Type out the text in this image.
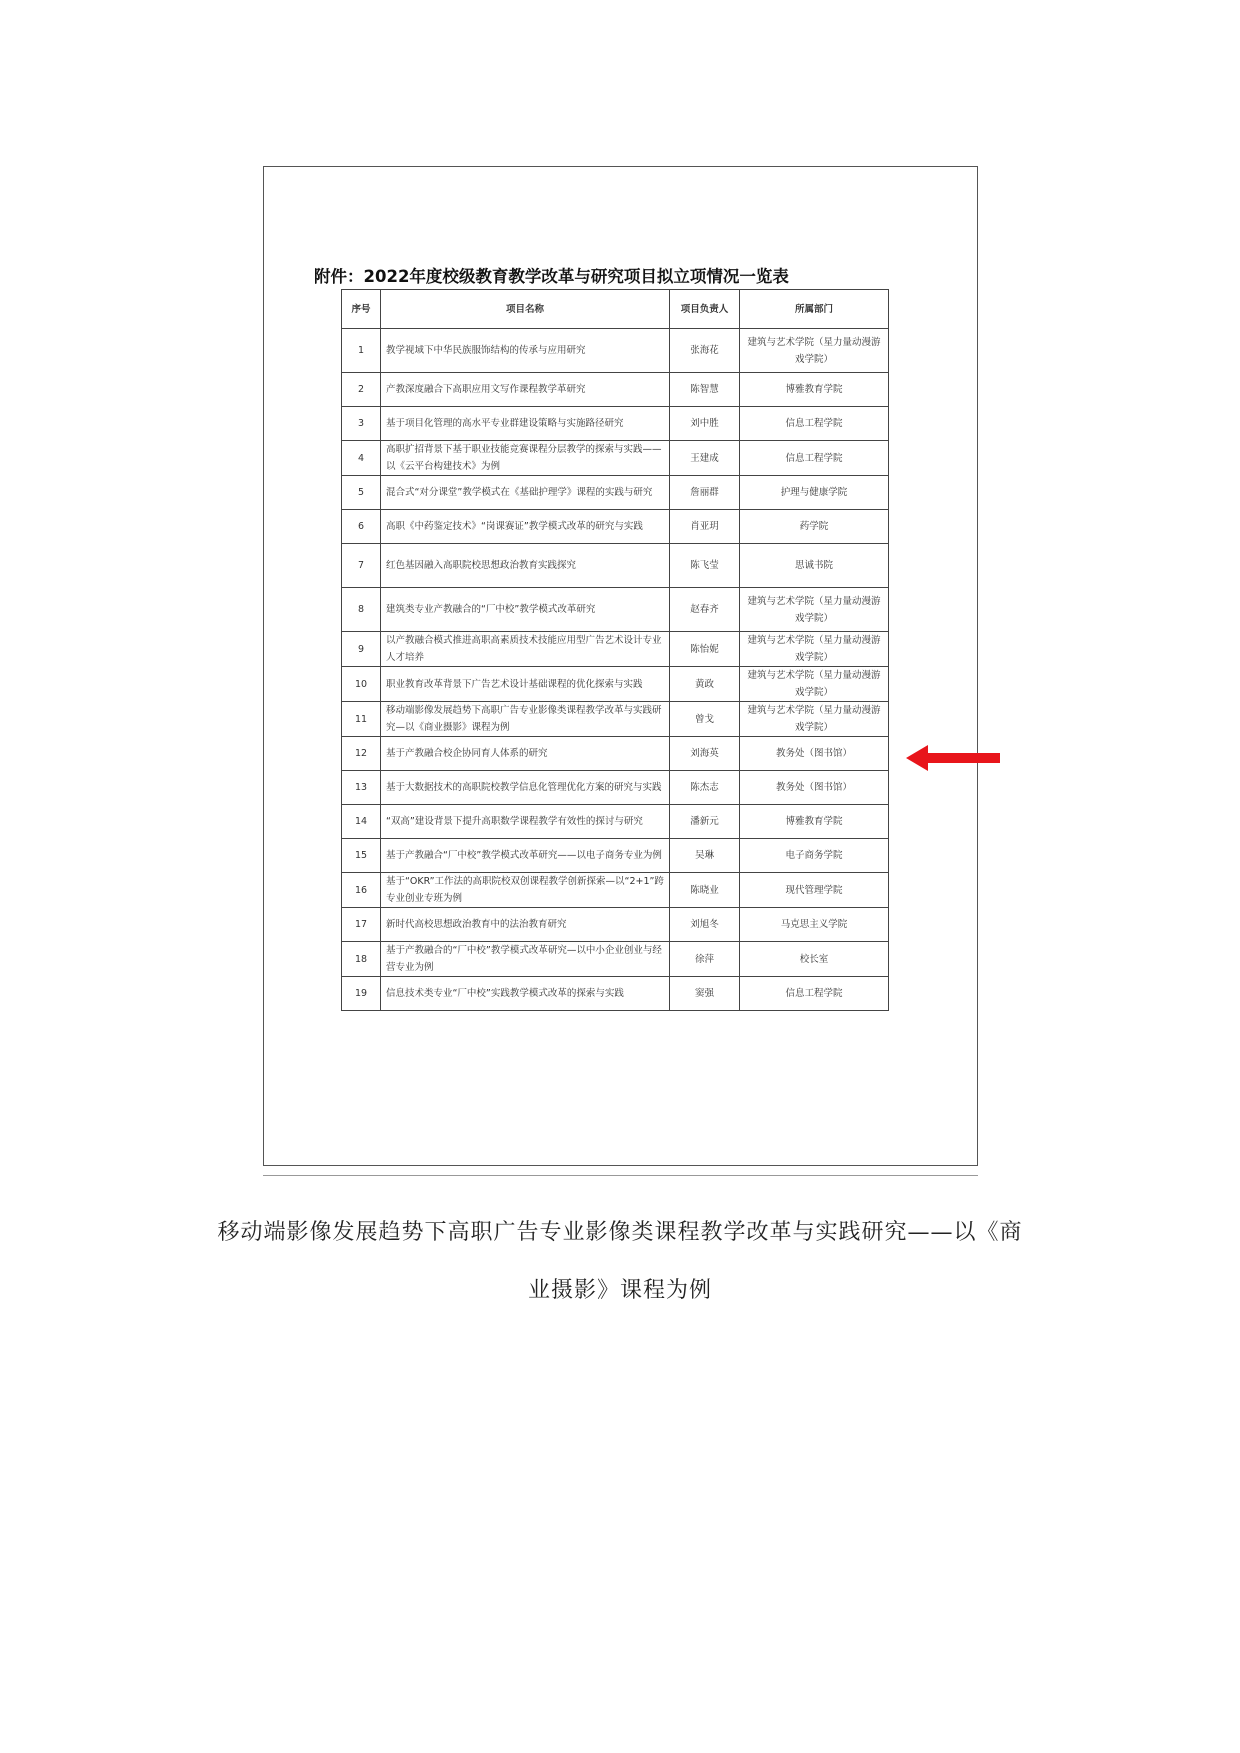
附件：2022年度校级教育教学改革与研究项目拟立项情况一览表
序号	项目名称	项目负责人	所属部门
1	教学视域下中华民族服饰结构的传承与应用研究	张海花	建筑与艺术学院（星力量动漫游戏学院）
2	产教深度融合下高职应用文写作课程教学革研究	陈智慧	博雅教育学院
3	基于项目化管理的高水平专业群建设策略与实施路径研究	刘中胜	信息工程学院
4	高职扩招背景下基于职业技能竞赛课程分层教学的探索与实践——以《云平台构建技术》为例	王建成	信息工程学院
5	混合式“对分课堂”教学模式在《基础护理学》课程的实践与研究	詹丽群	护理与健康学院
6	高职《中药鉴定技术》“岗课赛证”教学模式改革的研究与实践	肖亚玥	药学院
7	红色基因融入高职院校思想政治教育实践探究	陈飞莹	思诚书院
8	建筑类专业产教融合的“厂中校”教学模式改革研究	赵春齐	建筑与艺术学院（星力量动漫游戏学院）
9	以产教融合模式推进高职高素质技术技能应用型广告艺术设计专业人才培养	陈怡妮	建筑与艺术学院（星力量动漫游戏学院）
10	职业教育改革背景下广告艺术设计基础课程的优化探索与实践	黄政	建筑与艺术学院（星力量动漫游戏学院）
11	移动端影像发展趋势下高职广告专业影像类课程教学改革与实践研究—以《商业摄影》课程为例	曾戈	建筑与艺术学院（星力量动漫游戏学院）
12	基于产教融合校企协同育人体系的研究	刘海英	教务处（图书馆）
13	基于大数据技术的高职院校教学信息化管理优化方案的研究与实践	陈杰志	教务处（图书馆）
14	“双高”建设背景下提升高职数学课程教学有效性的探讨与研究	潘新元	博雅教育学院
15	基于产教融合“厂中校”教学模式改革研究——以电子商务专业为例	吴琳	电子商务学院
16	基于“OKR”工作法的高职院校双创课程教学创新探索—以“2+1”跨专业创业专班为例	陈晓业	现代管理学院
17	新时代高校思想政治教育中的法治教育研究	刘旭冬	马克思主义学院
18	基于产教融合的“厂中校”教学模式改革研究—以中小企业创业与经营专业为例	徐萍	校长室
19	信息技术类专业“厂中校”实践教学模式改革的探索与实践	窦强	信息工程学院
移动端影像发展趋势下高职广告专业影像类课程教学改革与实践研究——以《商
业摄影》课程为例
